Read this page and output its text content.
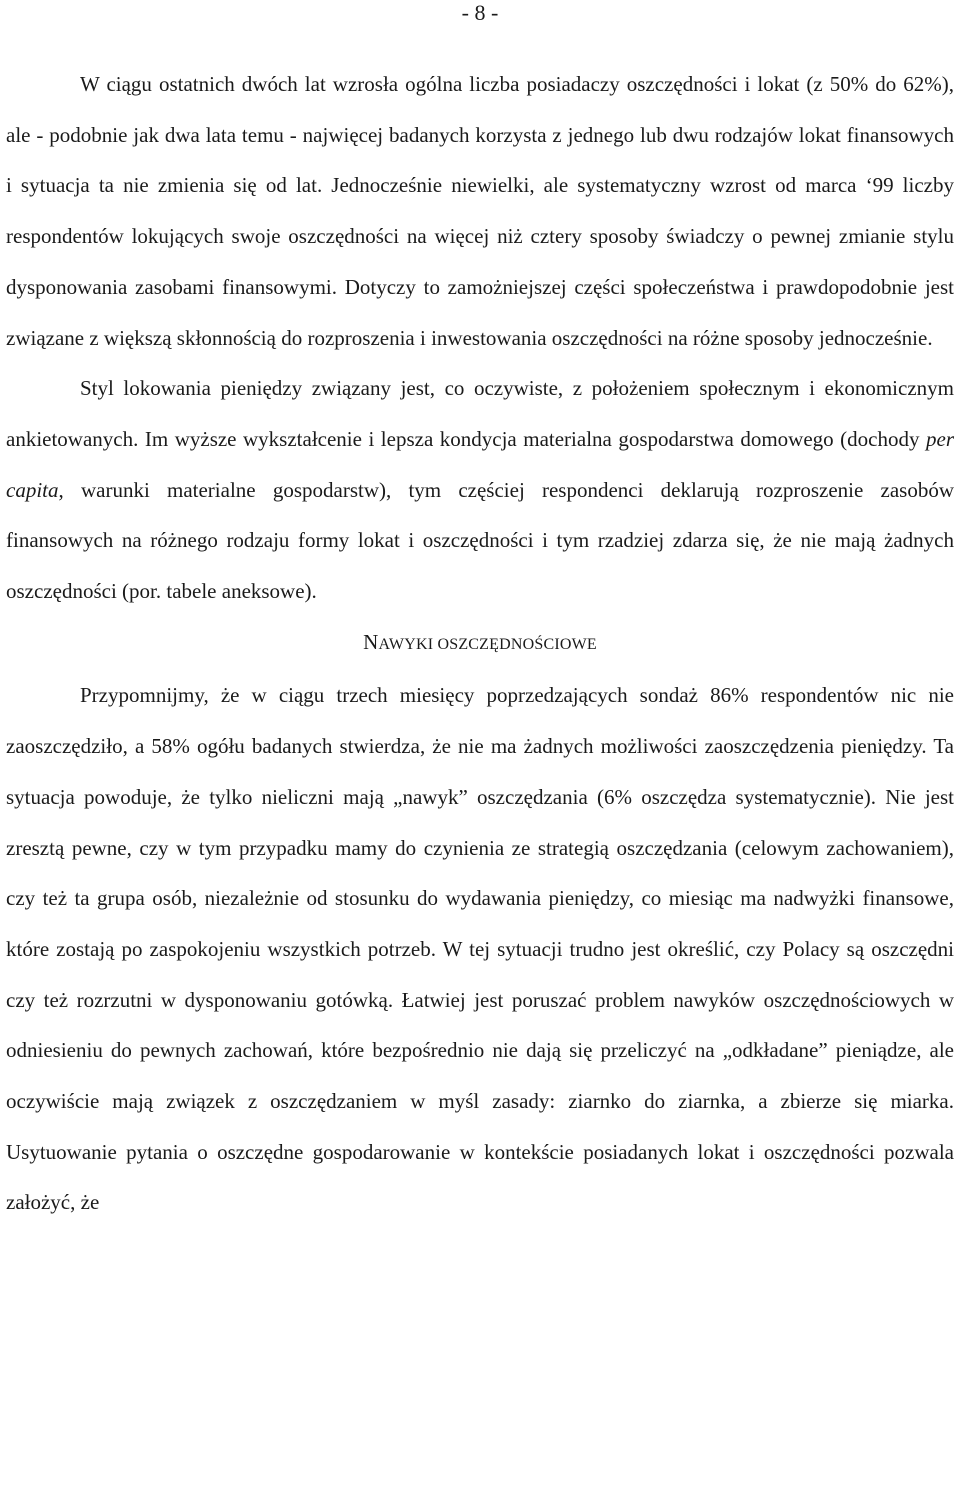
- 8 -

W ciągu ostatnich dwóch lat wzrosła ogólna liczba posiadaczy oszczędności i lokat (z 50% do 62%), ale - podobnie jak dwa lata temu - najwięcej badanych korzysta z jednego lub dwu rodzajów lokat finansowych i sytuacja ta nie zmienia się od lat. Jednocześnie niewielki, ale systematyczny wzrost od marca ‘99 liczby respondentów lokujących swoje oszczędności na więcej niż cztery sposoby świadczy o pewnej zmianie stylu dysponowania zasobami finansowymi. Dotyczy to zamożniejszej części społeczeństwa i prawdopodobnie jest związane z większą skłonnością do rozproszenia i inwestowania oszczędności na różne sposoby jednocześnie.

Styl lokowania pieniędzy związany jest, co oczywiste, z położeniem społecznym i ekonomicznym ankietowanych. Im wyższe wykształcenie i lepsza kondycja materialna gospodarstwa domowego (dochody per capita, warunki materialne gospodarstw), tym częściej respondenci deklarują rozproszenie zasobów finansowych na różnego rodzaju formy lokat i oszczędności i tym rzadziej zdarza się, że nie mają żadnych oszczędności (por. tabele aneksowe).

NAWYKI OSZCZĘDNOŚCIOWE

Przypomnijmy, że w ciągu trzech miesięcy poprzedzających sondaż 86% respondentów nic nie zaoszczędziło, a 58% ogółu badanych stwierdza, że nie ma żadnych możliwości zaoszczędzenia pieniędzy. Ta sytuacja powoduje, że tylko nieliczni mają „nawyk” oszczędzania (6% oszczędza systematycznie). Nie jest zresztą pewne, czy w tym przypadku mamy do czynienia ze strategią oszczędzania (celowym zachowaniem), czy też ta grupa osób, niezależnie od stosunku do wydawania pieniędzy, co miesiąc ma nadwyżki finansowe, które zostają po zaspokojeniu wszystkich potrzeb. W tej sytuacji trudno jest określić, czy Polacy są oszczędni czy też rozrzutni w dysponowaniu gotówką. Łatwiej jest poruszać problem nawyków oszczędnościowych w odniesieniu do pewnych zachowań, które bezpośrednio nie dają się przeliczyć na „odkładane” pieniądze, ale oczywiście mają związek z oszczędzaniem w myśl zasady: ziarnko do ziarnka, a zbierze się miarka. Usytuowanie pytania o oszczędne gospodarowanie w kontekście posiadanych lokat i oszczędności pozwala założyć, że
